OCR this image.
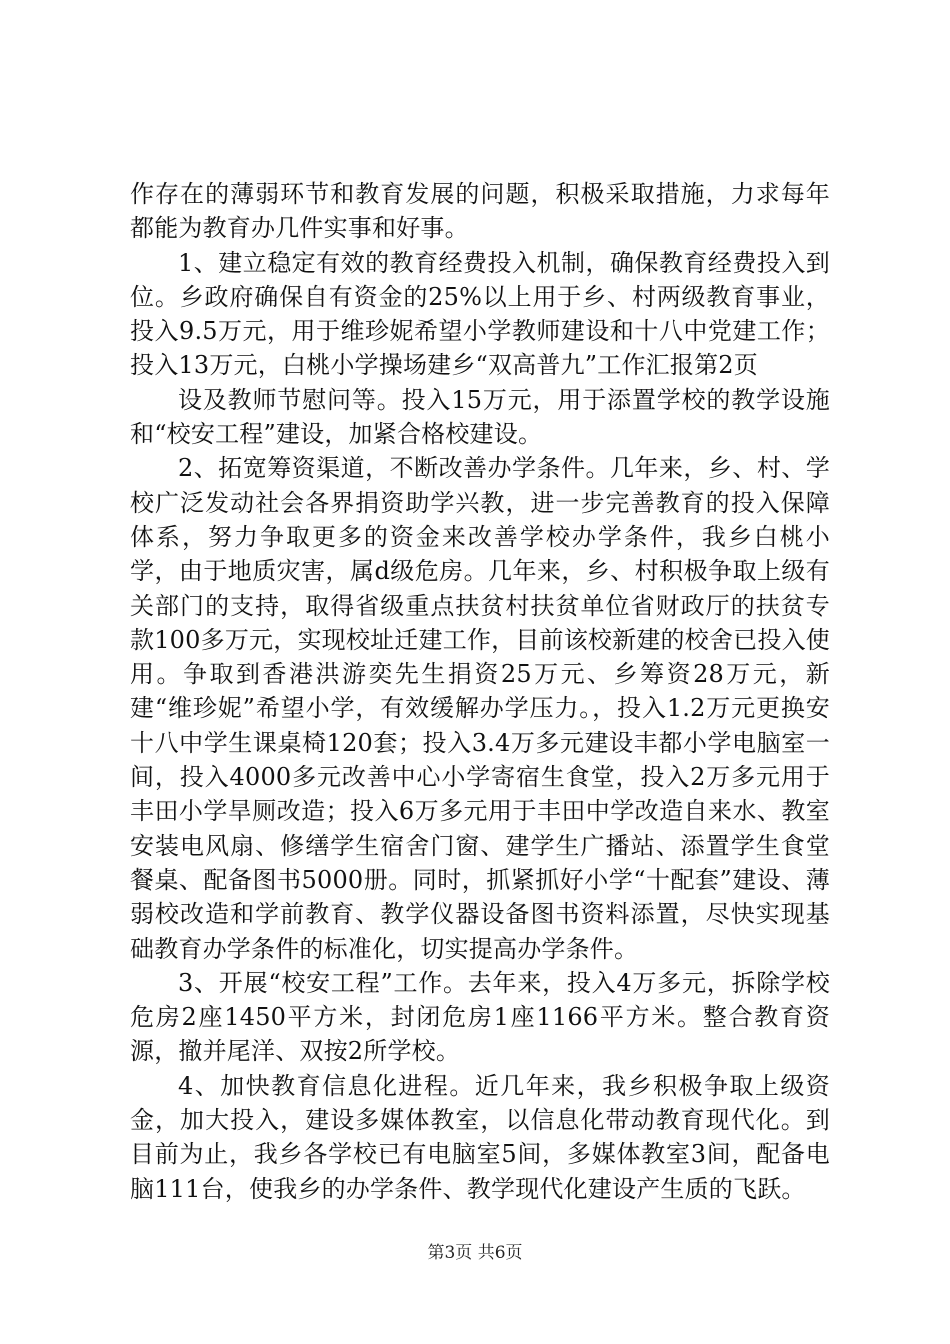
作存在的薄弱环节和教育发展的问题，积极采取措施，力求每年都能为教育办几件实事和好事。

1、建立稳定有效的教育经费投入机制，确保教育经费投入到位。乡政府确保自有资金的25%以上用于乡、村两级教育事业，投入9.5万元，用于维珍妮希望小学教师建设和十八中党建工作；投入13万元，白桃小学操场建乡“双高普九”工作汇报第2页

设及教师节慰问等。投入15万元，用于添置学校的教学设施和“校安工程”建设，加紧合格校建设。

2、拓宽筹资渠道，不断改善办学条件。几年来，乡、村、学校广泛发动社会各界捐资助学兴教，进一步完善教育的投入保障体系，努力争取更多的资金来改善学校办学条件，我乡白桃小学，由于地质灾害，属d级危房。几年来，乡、村积极争取上级有关部门的支持，取得省级重点扶贫村扶贫单位省财政厅的扶贫专款100多万元，实现校址迁建工作，目前该校新建的校舍已投入使用。争取到香港洪游奕先生捐资25万元、乡筹资28万元，新建“维珍妮”希望小学，有效缓解办学压力。，投入1.2万元更换安十八中学生课桌椅120套；投入3.4万多元建设丰都小学电脑室一间，投入4000多元改善中心小学寄宿生食堂，投入2万多元用于丰田小学旱厕改造；投入6万多元用于丰田中学改造自来水、教室安装电风扇、修缮学生宿舍门窗、建学生广播站、添置学生食堂餐桌、配备图书5000册。同时，抓紧抓好小学“十配套”建设、薄弱校改造和学前教育、教学仪器设备图书资料添置，尽快实现基础教育办学条件的标准化，切实提高办学条件。

3、开展“校安工程”工作。去年来，投入4万多元，拆除学校危房2座1450平方米，封闭危房1座1166平方米。整合教育资源，撤并尾洋、双按2所学校。

4、加快教育信息化进程。近几年来，我乡积极争取上级资金，加大投入，建设多媒体教室，以信息化带动教育现代化。到目前为止，我乡各学校已有电脑室5间，多媒体教室3间，配备电脑111台，使我乡的办学条件、教学现代化建设产生质的飞跃。

第3页 共6页
